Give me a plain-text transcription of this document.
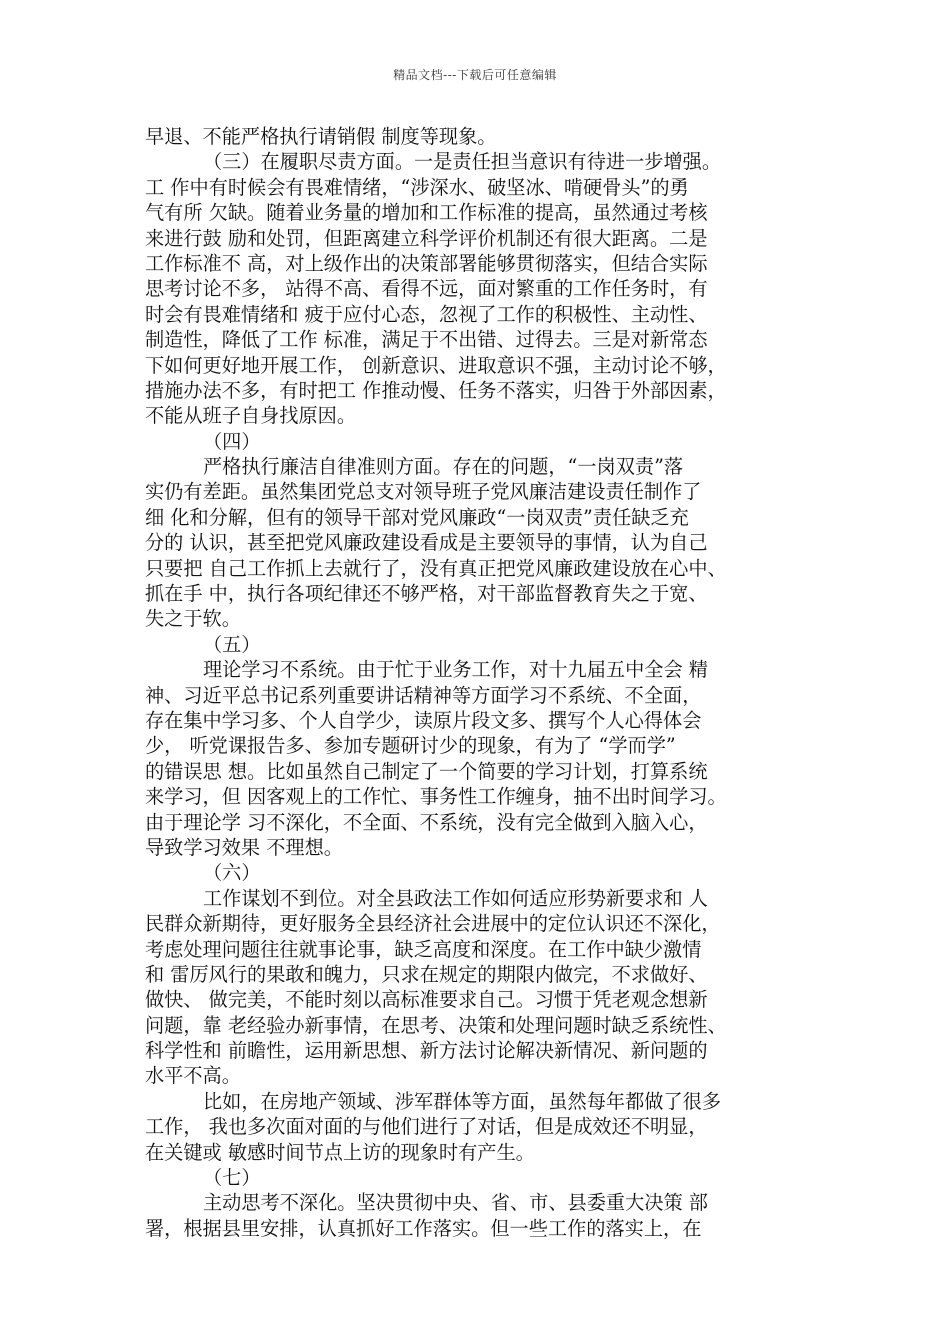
精品文档---下载后可任意编辑
早退、不能严格执行请销假 制度等现象。
（三）在履职尽责方面。一是责任担当意识有待进一步增强。
工 作中有时候会有畏难情绪，“涉深水、破坚冰、啃硬骨头”的勇
气有所 欠缺。随着业务量的增加和工作标准的提高，虽然通过考核
来进行鼓 励和处罚，但距离建立科学评价机制还有很大距离。二是
工作标准不 高，对上级作出的决策部署能够贯彻落实，但结合实际
思考讨论不多， 站得不高、看得不远，面对繁重的工作任务时，有
时会有畏难情绪和 疲于应付心态，忽视了工作的积极性、主动性、
制造性，降低了工作 标准，满足于不出错、过得去。三是对新常态
下如何更好地开展工作， 创新意识、进取意识不强，主动讨论不够，
措施办法不多，有时把工 作推动慢、任务不落实，归咎于外部因素，
不能从班子自身找原因。
（四）
严格执行廉洁自律准则方面。存在的问题，“一岗双责”落
实仍有差距。虽然集团党总支对领导班子党风廉洁建设责任制作了
细 化和分解，但有的领导干部对党风廉政“一岗双责”责任缺乏充
分的 认识，甚至把党风廉政建设看成是主要领导的事情，认为自己
只要把 自己工作抓上去就行了，没有真正把党风廉政建设放在心中、
抓在手 中，执行各项纪律还不够严格，对干部监督教育失之于宽、
失之于软。
（五）
理论学习不系统。由于忙于业务工作，对十九届五中全会 精
神、习近平总书记系列重要讲话精神等方面学习不系统、不全面，
存在集中学习多、个人自学少，读原片段文多、撰写个人心得体会
少， 听党课报告多、参加专题研讨少的现象，有为了 “学而学”
的错误思 想。比如虽然自己制定了一个简要的学习计划，打算系统
来学习，但 因客观上的工作忙、事务性工作缠身，抽不出时间学习。
由于理论学 习不深化，不全面、不系统，没有完全做到入脑入心，
导致学习效果 不理想。
（六）
工作谋划不到位。对全县政法工作如何适应形势新要求和 人
民群众新期待，更好服务全县经济社会进展中的定位认识还不深化，
考虑处理问题往往就事论事，缺乏高度和深度。在工作中缺少激情
和 雷厉风行的果敢和魄力，只求在规定的期限内做完，不求做好、
做快、 做完美，不能时刻以高标准要求自己。习惯于凭老观念想新
问题，靠 老经验办新事情，在思考、决策和处理问题时缺乏系统性、
科学性和 前瞻性，运用新思想、新方法讨论解决新情况、新问题的
水平不高。
比如，在房地产领域、涉军群体等方面，虽然每年都做了很多
工作， 我也多次面对面的与他们进行了对话，但是成效还不明显，
在关键或 敏感时间节点上访的现象时有产生。
（七）
主动思考不深化。坚决贯彻中央、省、市、县委重大决策 部
署，根据县里安排，认真抓好工作落实。但一些工作的落实上，在
